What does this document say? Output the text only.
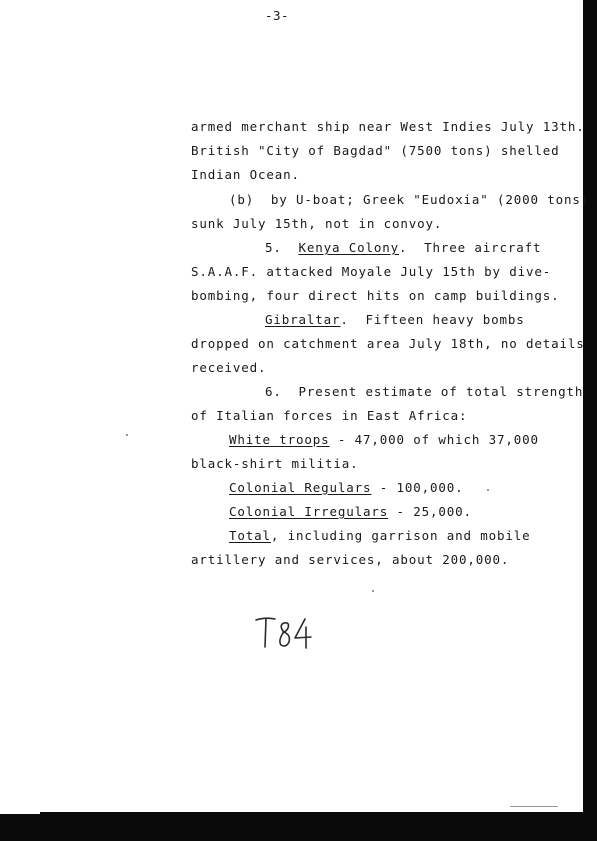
-3-
armed merchant ship near West Indies July 13th.
British "City of Bagdad" (7500 tons) shelled
Indian Ocean.
(b)  by U-boat; Greek "Eudoxia" (2000 tons)
sunk July 15th, not in convoy.
5.  Kenya Colony.  Three aircraft
S.A.A.F. attacked Moyale July 15th by dive-
bombing, four direct hits on camp buildings.
Gibraltar.  Fifteen heavy bombs
dropped on catchment area July 18th, no details
received.
6.  Present estimate of total strength
of Italian forces in East Africa:
White troops - 47,000 of which 37,000
black-shirt militia.
Colonial Regulars - 100,000.
Colonial Irregulars - 25,000.
Total, including garrison and mobile
artillery and services, about 200,000.
